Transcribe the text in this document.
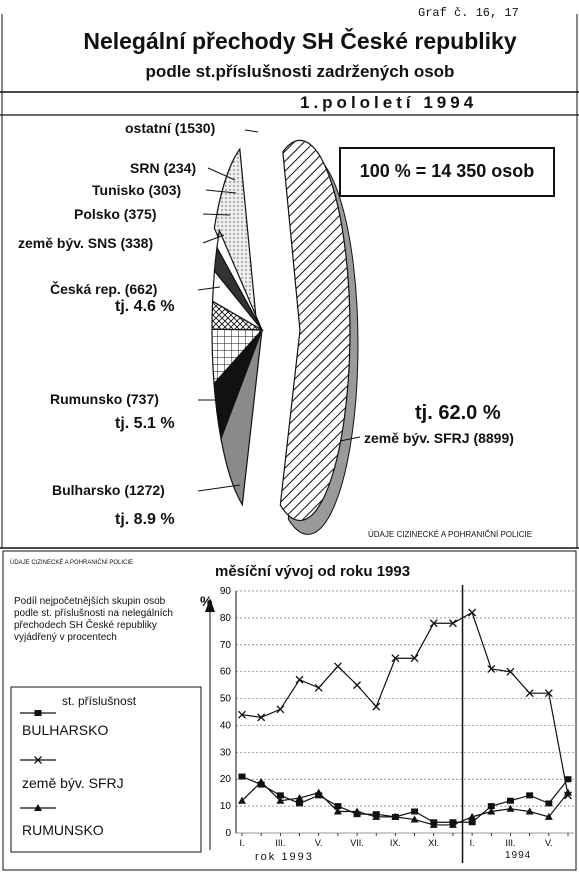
0
10
20
30
40
50
60
70
80
90
I.	III.	V.	VII.	IX.	XI.	I.	III.	V.
Graf č. 16, 17
Nelegální přechody SH České republiky
podle st.příslušnosti zadržených osob
1.pololetí 1994
100 % = 14 350 osob
ostatní (1530)
SRN (234)
Tunisko (303)
Polsko (375)
země býv. SNS (338)
Česká rep. (662)
tj. 4.6 %
Rumunsko (737)
tj. 5.1 %
Bulharsko (1272)
tj. 8.9 %
tj. 62.0 %
země býv. SFRJ (8899)
ÚDAJE CIZINECKÉ A POHRANIČNÍ POLICIE
ÚDAJE CIZINECKÉ A POHRANIČNÍ POLICIE	měsíční vývoj od roku 1993
Podíl nejpočetnějších skupin osob podle st. příslušnosti na nelegálních přechodech SH České republiky vyjádřený v procentech
%
st. příslušnost
BULHARSKO
země býv. SFRJ
RUMUNSKO
rok 1993	1994
